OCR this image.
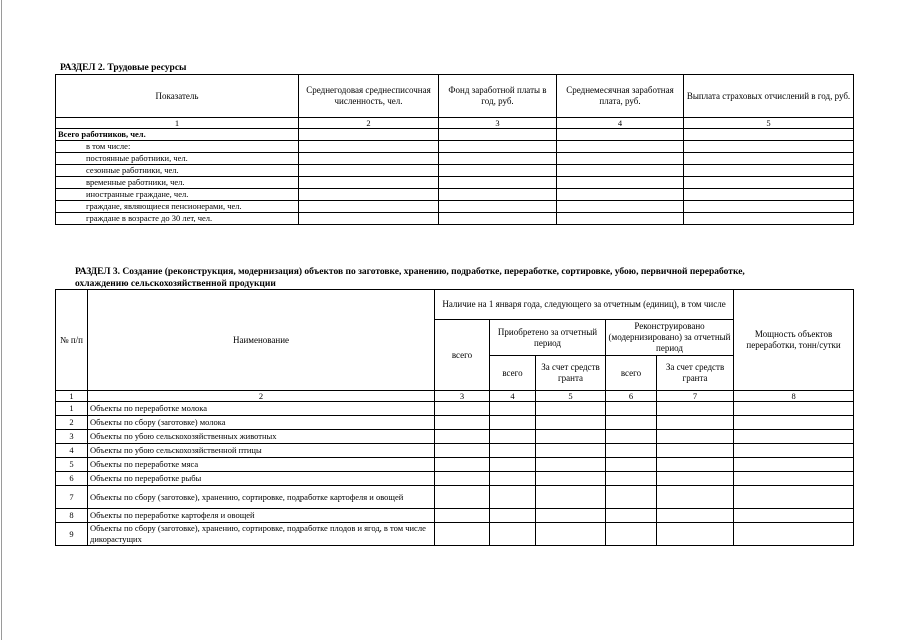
РАЗДЕЛ 2. Трудовые ресурсы
Показатель	Среднегодовая среднесписочная численность, чел.	Фонд заработной платы в год, руб.	Среднемесячная заработная плата, руб.	Выплата страховых отчислений в год, руб.
1	2	3	4	5
Всего работников, чел.				
в том числе:				
постоянные работники, чел.				
сезонные работники, чел.				
временные работники, чел.				
иностранные граждане, чел.				
граждане, являющиеся пенсионерами, чел.				
граждане в возрасте до 30 лет, чел.				
РАЗДЕЛ 3. Создание (реконструкция, модернизация) объектов по заготовке, хранению, подработке, переработке, сортировке, убою, первичной переработке,
охлаждению сельскохозяйственной продукции
№ п/п	Наименование	Наличие на 1 января года, следующего за отчетным (единиц), в том числе					Мощность объектов переработки, тонн/сутки
		всего	Приобретено за отчетный период		Реконструировано (модернизировано) за отчетный период		
			всего	За счет средств гранта	всего	За счет средств гранта	
1	2	3	4	5	6	7	8
1	Объекты по переработке молока						
2	Объекты по сбору (заготовке) молока						
3	Объекты по убою сельскохозяйственных животных						
4	Объекты по убою сельскохозяйственной птицы						
5	Объекты по переработке мяса						
6	Объекты по переработке рыбы						
7	Объекты по сбору (заготовке), хранению, сортировке, подработке картофеля и овощей						
8	Объекты по переработке картофеля и овощей						
9	Объекты по сбору (заготовке), хранению, сортировке, подработке плодов и ягод, в том числе дикорастущих						
